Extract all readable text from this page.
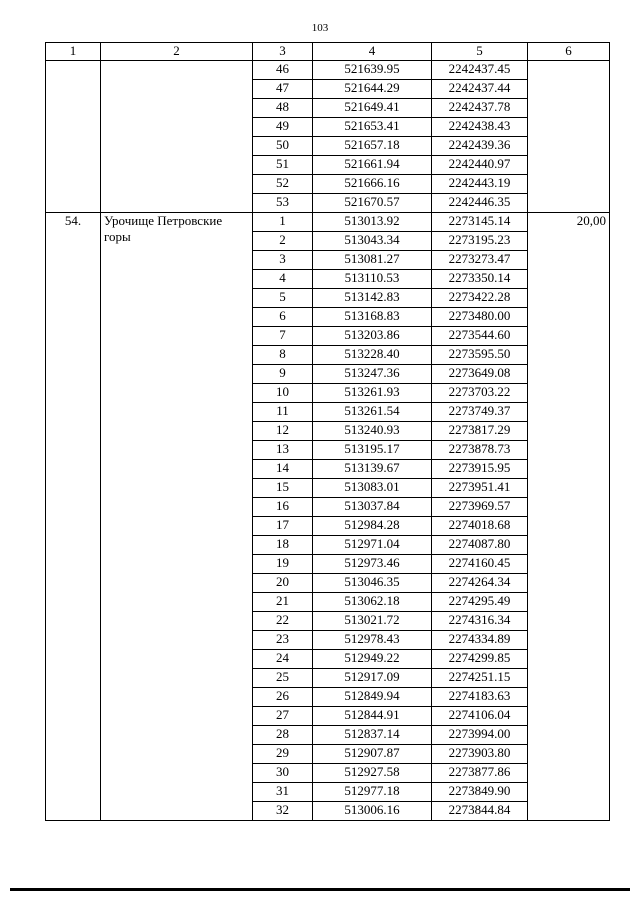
103
1	2	3	4	5	6
		46	521639.95	2242437.45	
		47	521644.29	2242437.44	
		48	521649.41	2242437.78	
		49	521653.41	2242438.43	
		50	521657.18	2242439.36	
		51	521661.94	2242440.97	
		52	521666.16	2242443.19	
		53	521670.57	2242446.35	
54.	Урочище Петровские горы	1	513013.92	2273145.14	20,00
		2	513043.34	2273195.23	
		3	513081.27	2273273.47	
		4	513110.53	2273350.14	
		5	513142.83	2273422.28	
		6	513168.83	2273480.00	
		7	513203.86	2273544.60	
		8	513228.40	2273595.50	
		9	513247.36	2273649.08	
		10	513261.93	2273703.22	
		11	513261.54	2273749.37	
		12	513240.93	2273817.29	
		13	513195.17	2273878.73	
		14	513139.67	2273915.95	
		15	513083.01	2273951.41	
		16	513037.84	2273969.57	
		17	512984.28	2274018.68	
		18	512971.04	2274087.80	
		19	512973.46	2274160.45	
		20	513046.35	2274264.34	
		21	513062.18	2274295.49	
		22	513021.72	2274316.34	
		23	512978.43	2274334.89	
		24	512949.22	2274299.85	
		25	512917.09	2274251.15	
		26	512849.94	2274183.63	
		27	512844.91	2274106.04	
		28	512837.14	2273994.00	
		29	512907.87	2273903.80	
		30	512927.58	2273877.86	
		31	512977.18	2273849.90	
		32	513006.16	2273844.84	
